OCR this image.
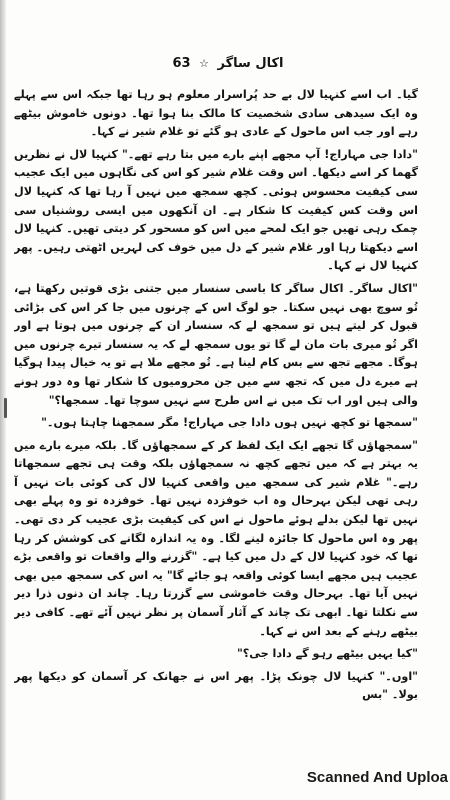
اکال ساگر ☆ 63

گیا۔ اب اسے کنہیا لال بے حد پُراسرار معلوم ہو رہا تھا جبکہ اس سے پہلے وہ ایک سیدھی سادی شخصیت کا مالک بنا ہوا تھا۔ دونوں خاموش بیٹھے رہے اور جب اس ماحول کے عادی ہو گئے تو غلام شیر نے کہا۔

"دادا جی مہاراج! آپ مجھے اپنے بارے میں بتا رہے تھے۔" کنہیا لال نے نظریں گھما کر اسے دیکھا۔ اس وقت غلام شیر کو اس کی نگاہوں میں ایک عجیب سی کیفیت محسوس ہوئی۔ کچھ سمجھ میں نہیں آ رہا تھا کہ کنہیا لال اس وقت کس کیفیت کا شکار ہے۔ ان آنکھوں میں ایسی روشنیاں سی چمک رہی تھیں جو ایک لمحے میں اس کو مسحور کر دیتی تھیں۔ کنہیا لال اسے دیکھتا رہا اور غلام شیر کے دل میں خوف کی لہریں اٹھتی رہیں۔ پھر کنہیا لال نے کہا۔

"اکال ساگر۔ اکال ساگر کا باسی سنسار میں جتنی بڑی قوتیں رکھتا ہے، تُو سوچ بھی نہیں سکتا۔ جو لوگ اس کے چرنوں میں جا کر اس کی بڑائی قبول کر لیتے ہیں تو سمجھ لے کہ سنسار ان کے چرنوں میں ہوتا ہے اور اگر تُو میری بات مان لے گا تو یوں سمجھ لے کہ یہ سنسار تیرے چرنوں میں ہوگا۔ مجھے تجھ سے بس کام لینا ہے۔ تُو مجھے ملا ہے تو یہ خیال پیدا ہوگیا ہے میرے دل میں کہ تجھ سے میں جن محرومیوں کا شکار تھا وہ دور ہونے والی ہیں اور اب تک میں نے اس طرح سے نہیں سوچا تھا۔ سمجھا؟"

"سمجھا تو کچھ نہیں ہوں دادا جی مہاراج! مگر سمجھنا چاہتا ہوں۔"

"سمجھاؤں گا تجھے ایک ایک لفظ کر کے سمجھاؤں گا۔ بلکہ میرے بارے میں یہ بہتر ہے کہ میں تجھے کچھ نہ سمجھاؤں بلکہ وقت ہی تجھے سمجھاتا رہے۔" غلام شیر کی سمجھ میں واقعی کنہیا لال کی کوئی بات نہیں آ رہی تھی لیکن بہرحال وہ اب خوفزدہ نہیں تھا۔ خوفزدہ تو وہ پہلے بھی نہیں تھا لیکن بدلے ہوئے ماحول نے اس کی کیفیت بڑی عجیب کر دی تھی۔ پھر وہ اس ماحول کا جائزہ لینے لگا۔ وہ یہ اندازہ لگانے کی کوشش کر رہا تھا کہ خود کنہیا لال کے دل میں کیا ہے۔ "گزرنے والے واقعات تو واقعی بڑے عجیب ہیں مجھے ایسا کوئی واقعہ ہو جائے گا" یہ اس کی سمجھ میں بھی نہیں آیا تھا۔ بہرحال وقت خاموشی سے گزرتا رہا۔ چاند ان دنوں ذرا دیر سے نکلتا تھا۔ ابھی تک چاند کے آثار آسمان پر نظر نہیں آئے تھے۔ کافی دیر بیٹھے رہنے کے بعد اس نے کہا۔

"کیا یہیں بیٹھے رہو گے دادا جی؟"

"اوں۔" کنہیا لال چونک پڑا۔ پھر اس نے جھانک کر آسمان کو دیکھا پھر بولا۔ "بس

Scanned And Uploa
